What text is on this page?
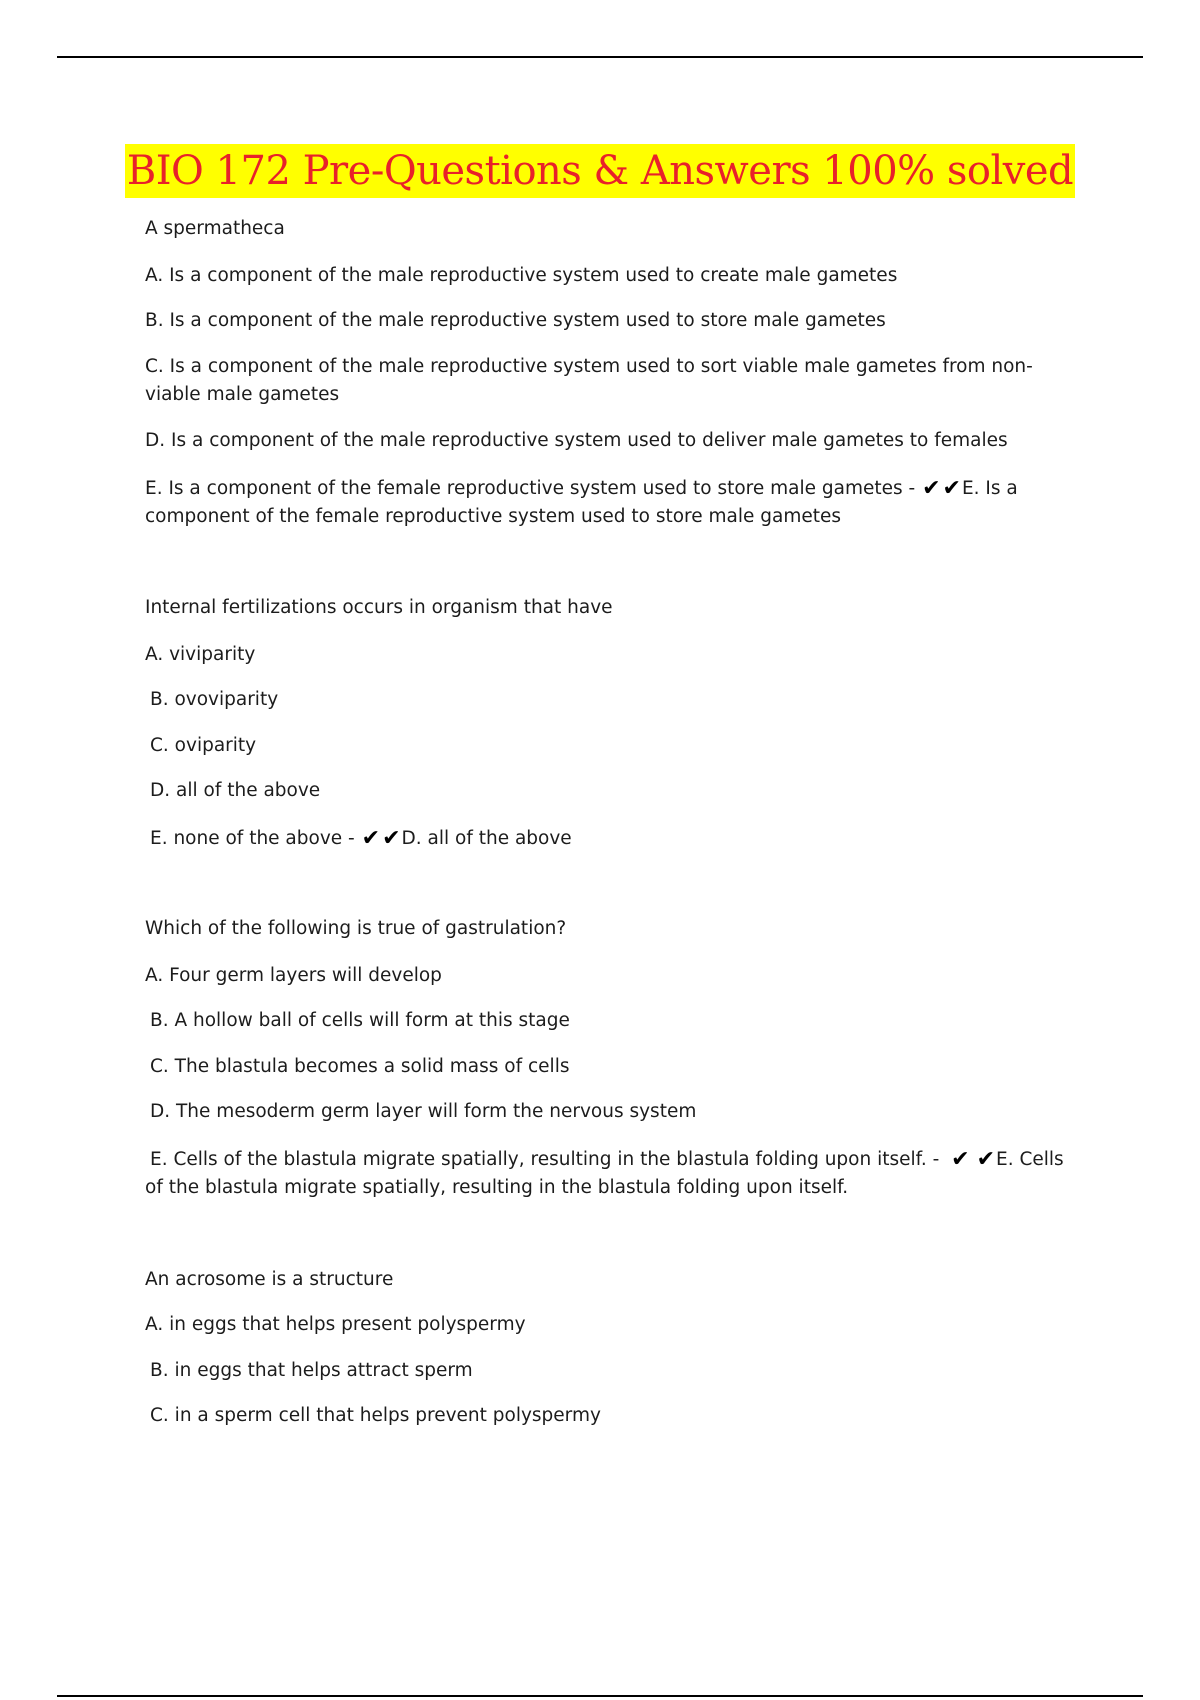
BIO 172 Pre-Questions & Answers 100% solved
A spermatheca
A. Is a component of the male reproductive system used to create male gametes
B. Is a component of the male reproductive system used to store male gametes
C. Is a component of the male reproductive system used to sort viable male gametes from non-viable male gametes
D. Is a component of the male reproductive system used to deliver male gametes to females
E. Is a component of the female reproductive system used to store male gametes - ✔✔E. Is a component of the female reproductive system used to store male gametes
Internal fertilizations occurs in organism that have
A. viviparity
B. ovoviparity
C. oviparity
D. all of the above
E. none of the above - ✔✔D. all of the above
Which of the following is true of gastrulation?
A. Four germ layers will develop
B. A hollow ball of cells will form at this stage
C. The blastula becomes a solid mass of cells
D. The mesoderm germ layer will form the nervous system
E. Cells of the blastula migrate spatially, resulting in the blastula folding upon itself. - ✔ ✔E. Cells of the blastula migrate spatially, resulting in the blastula folding upon itself.
An acrosome is a structure
A. in eggs that helps present polyspermy
B. in eggs that helps attract sperm
C. in a sperm cell that helps prevent polyspermy
